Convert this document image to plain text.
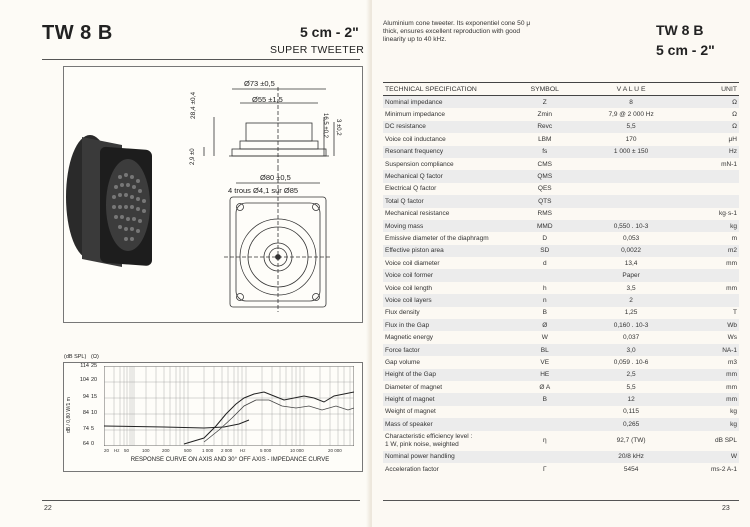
TW 8 B	5 cm - 2"
SUPER TWEETER
Ø73 ±0,5
Ø55 ±1,5
28,4 ±0,4
2,9 ±0
16,5 ±0,2 3 ±0,2
Ø80 ±0,5
4 trous Ø4,1 sur Ø85
(dB SPL) (Ω)
dB / 0,80 W/1 m
114
104
94
84
74
64
25
20
15
10
5
0
20 Hz 50	100	200	500 1 000 2 000 Hz	5 000	10 000	20 000
RESPONSE CURVE ON AXIS AND 30° OFF AXIS - IMPEDANCE CURVE
22
Aluminium cone tweeter. Its exponentiel cone 50 μ
thick, ensures excellent reproduction with good
linearity up to 40 kHz.
TW 8 B
5 cm - 2"
TECHNICAL SPECIFICATION	SYMBOL	V A L U E	UNIT
Nominal impedance	Z	8	Ω
Minimum impedance	Zmin	7,9 @ 2 000 Hz	Ω
DC resistance	Revc	5,5	Ω
Voice coil inductance	LBM	170	μH
Resonant frequency	fs	1 000 ± 150	Hz
Suspension compliance	CMS		mN-1
Mechanical Q factor	QMS		
Electrical Q factor	QES		
Total Q factor	QTS		
Mechanical resistance	RMS		kg·s-1
Moving mass	MMD	0,550 . 10-3	kg
Emissive diameter of the diaphragm	D	0,053	m
Effective piston area	SD	0,0022	m2
Voice coil diameter	d	13,4	mm
Voice coil former		Paper	
Voice coil length	h	3,5	mm
Voice coil layers	n	2	
Flux density	B	1,25	T
Flux in the Gap	Ø	0,160 . 10-3	Wb
Magnetic energy	W	0,037	Ws
Force factor	BL	3,0	NA-1
Gap volume	VE	0,059 . 10-6	m3
Height of the Gap	HE	2,5	mm
Diameter of magnet	Ø A	5,5	mm
Height of magnet	B	12	mm
Weight of magnet		0,115	kg
Mass of speaker		0,265	kg

Characteristic efficiency level :
1 W, pink noise, weighted	η	92,7 (TW)	dB SPL
Nominal power handling		20/8 kHz	W
Acceleration factor	Γ	5454	ms-2 A-1
23
